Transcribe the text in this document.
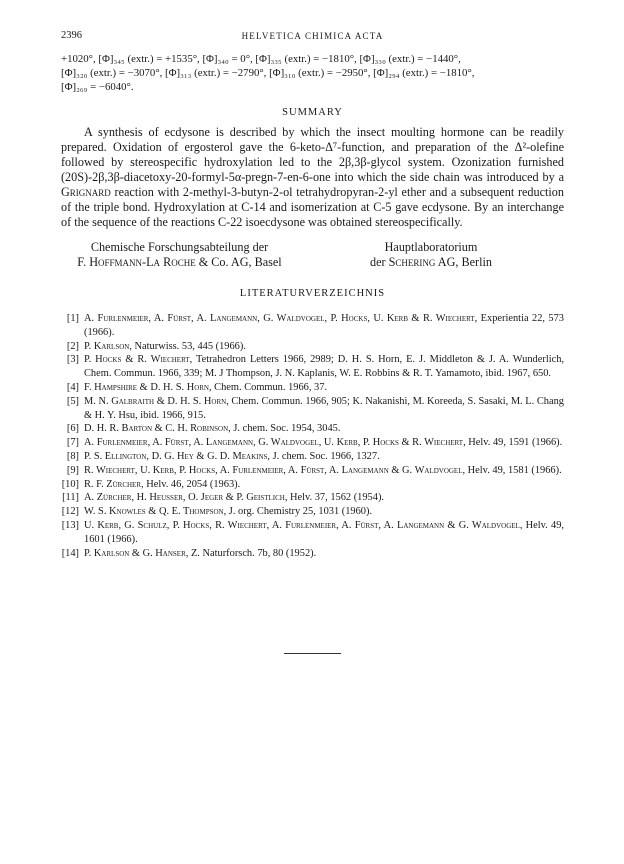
2396	HELVETICA CHIMICA ACTA
+1020°, [Φ]₃₄₅ (extr.) = +1535°, [Φ]₃₄₀ = 0°, [Φ]₃₃₅ (extr.) = −1810°, [Φ]₃₃₀ (extr.) = −1440°,
[Φ]₃₂₀ (extr.) = −3070°, [Φ]₃₁₃ (extr.) = −2790°, [Φ]₃₁₀ (extr.) = −2950°, [Φ]₂₉₄ (extr.) = −1810°,
[Φ]₂₆₉ = −6040°.
SUMMARY

A synthesis of ecdysone is described by which the insect moulting hormone can be readily prepared. Oxidation of ergosterol gave the 6-keto-Δ⁷-function, and preparation of the Δ²-olefine followed by stereospecific hydroxylation led to the 2β,3β-glycol system. Ozonization furnished (20S)-2β,3β-diacetoxy-20-formyl-5α-pregn-7-en-6-one into which the side chain was introduced by a Grignard reaction with 2-methyl-3-butyn-2-ol tetrahydropyran-2-yl ether and a subsequent reduction of the triple bond. Hydroxylation at C-14 and isomerization at C-5 gave ecdysone. By an interchange of the sequence of the reactions C-22 isoecdysone was obtained stereospecifically.

Chemische Forschungsabteilung der
F. Hoffmann-La Roche & Co. AG, Basel
Hauptlaboratorium
der Schering AG, Berlin
LITERATURVERZEICHNIS
[1] A. Furlenmeier, A. Fürst, A. Langemann, G. Waldvogel, P. Hocks, U. Kerb & R. Wiechert, Experientia 22, 573 (1966).
[2] P. Karlson, Naturwiss. 53, 445 (1966).
[3] P. Hocks & R. Wiechert, Tetrahedron Letters 1966, 2989; D. H. S. Horn, E. J. Middleton & J. A. Wunderlich, Chem. Commun. 1966, 339; M. J Thompson, J. N. Kaplanis, W. E. Robbins & R. T. Yamamoto, ibid. 1967, 650.
[4] F. Hampshire & D. H. S. Horn, Chem. Commun. 1966, 37.
[5] M. N. Galbraith & D. H. S. Horn, Chem. Commun. 1966, 905; K. Nakanishi, M. Koreeda, S. Sasaki, M. L. Chang & H. Y. Hsu, ibid. 1966, 915.
[6] D. H. R. Barton & C. H. Robinson, J. chem. Soc. 1954, 3045.
[7] A. Furlenmeier, A. Fürst, A. Langemann, G. Waldvogel, U. Kerb, P. Hocks & R. Wiechert, Helv. 49, 1591 (1966).
[8] P. S. Ellington, D. G. Hey & G. D. Meakins, J. chem. Soc. 1966, 1327.
[9] R. Wiechert, U. Kerb, P. Hocks, A. Furlenmeier, A. Fürst, A. Langemann & G. Waldvogel, Helv. 49, 1581 (1966).
[10] R. F. Zürcher, Helv. 46, 2054 (1963).
[11] A. Zürcher, H. Heusser, O. Jeger & P. Geistlich, Helv. 37, 1562 (1954).
[12] W. S. Knowles & Q. E. Thompson, J. org. Chemistry 25, 1031 (1960).
[13] U. Kerb, G. Schulz, P. Hocks, R. Wiechert, A. Furlenmeier, A. Fürst, A. Langemann & G. Waldvogel, Helv. 49, 1601 (1966).
[14] P. Karlson & G. Hanser, Z. Naturforsch. 7b, 80 (1952).
